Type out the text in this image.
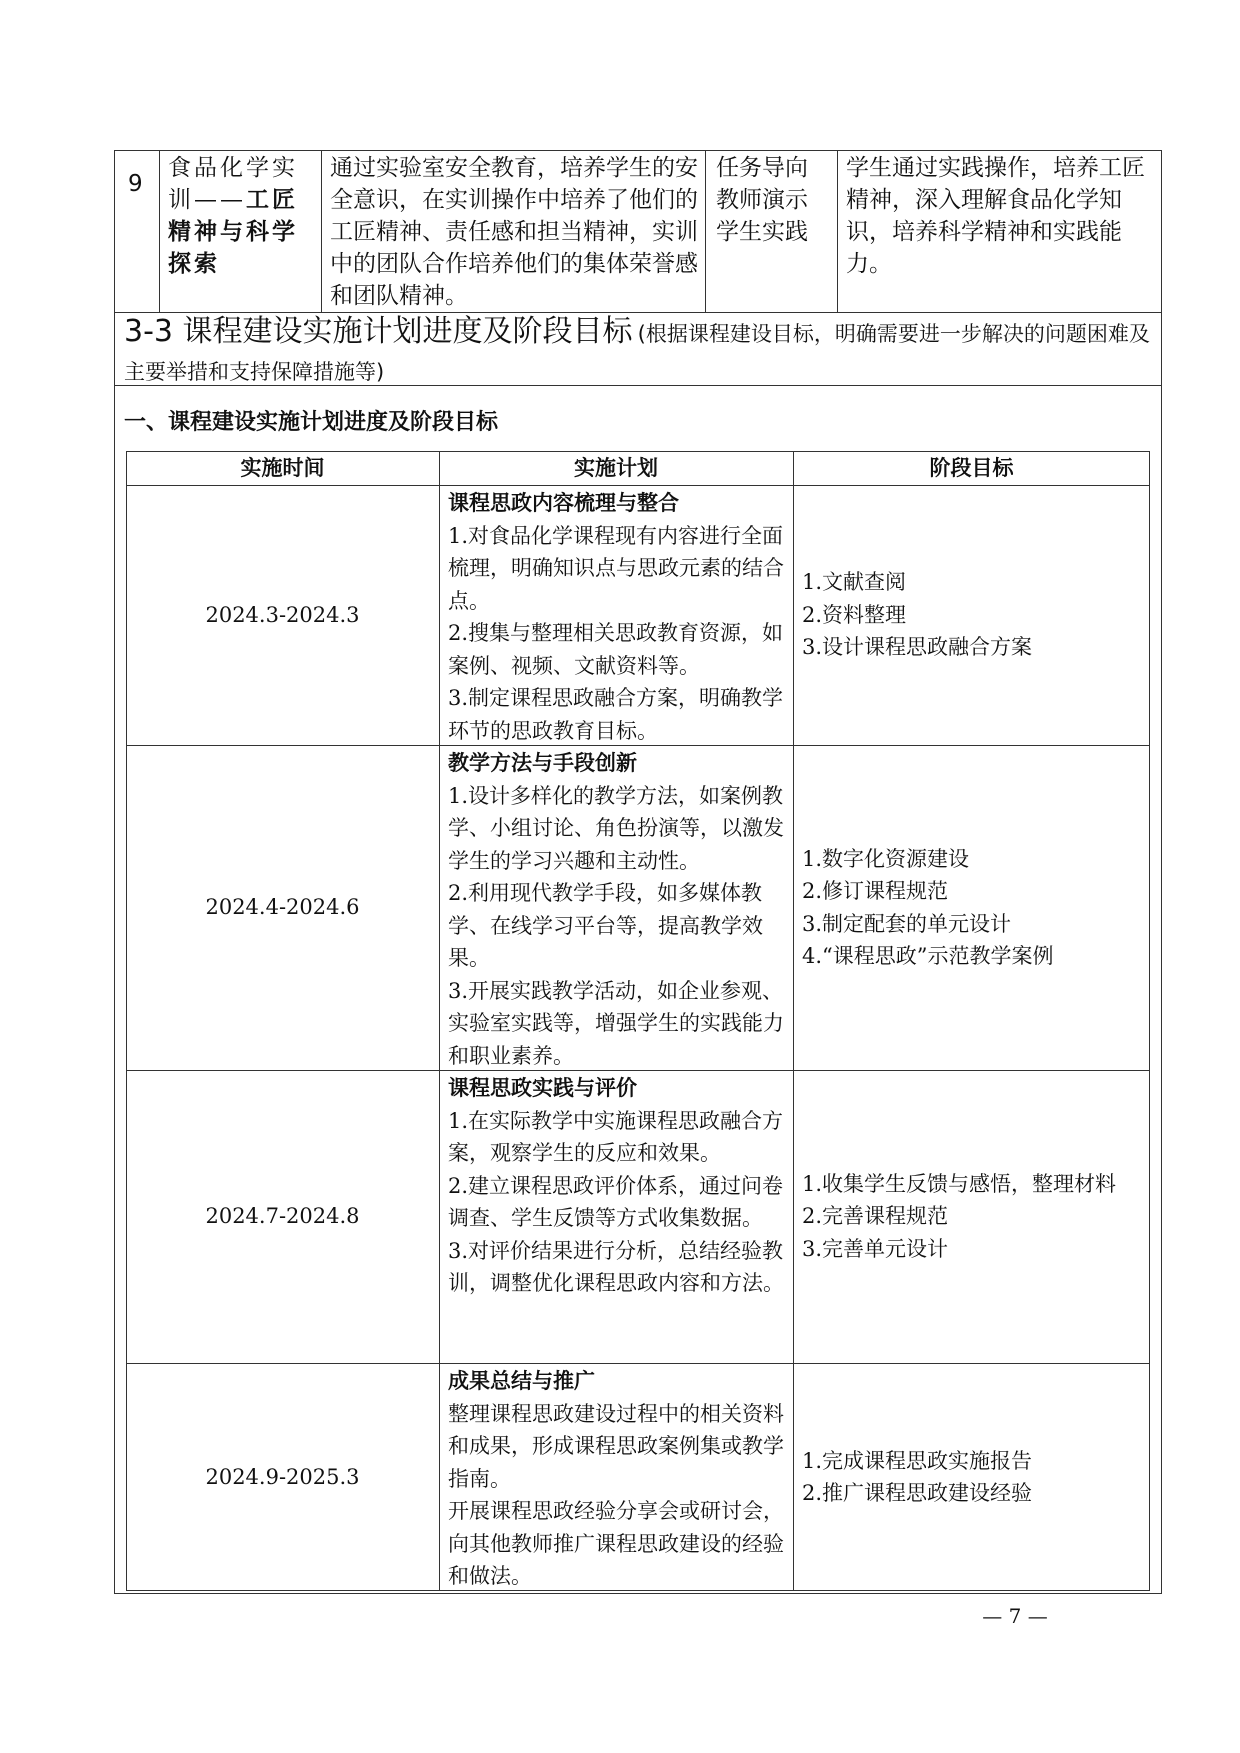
9
食品化学实训——工匠精神与科学探索
通过实验室安全教育，培养学生的安全意识，在实训操作中培养了他们的工匠精神、责任感和担当精神，实训中的团队合作培养他们的集体荣誉感和团队精神。
任务导向
教师演示
学生实践
学生通过实践操作，培养工匠精神，深入理解食品化学知识，培养科学精神和实践能力。
3-3 课程建设实施计划进度及阶段目标 (根据课程建设目标，明确需要进一步解决的问题困难及主要举措和支持保障措施等)
一、课程建设实施计划进度及阶段目标
实施时间	实施计划	阶段目标
2024.3-2024.3
课程思政内容梳理与整合
1.对食品化学课程现有内容进行全面梳理，明确知识点与思政元素的结合点。
2.搜集与整理相关思政教育资源，如案例、视频、文献资料等。
3.制定课程思政融合方案，明确教学环节的思政教育目标。
1.文献查阅
2.资料整理
3.设计课程思政融合方案
2024.4-2024.6
教学方法与手段创新
1.设计多样化的教学方法，如案例教学、小组讨论、角色扮演等，以激发学生的学习兴趣和主动性。
2.利用现代教学手段，如多媒体教学、在线学习平台等，提高教学效果。
3.开展实践教学活动，如企业参观、实验室实践等，增强学生的实践能力和职业素养。
1.数字化资源建设
2.修订课程规范
3.制定配套的单元设计
4.“课程思政”示范教学案例
2024.7-2024.8
课程思政实践与评价
1.在实际教学中实施课程思政融合方案，观察学生的反应和效果。
2.建立课程思政评价体系，通过问卷调查、学生反馈等方式收集数据。
3.对评价结果进行分析，总结经验教训，调整优化课程思政内容和方法。
1.收集学生反馈与感悟，整理材料
2.完善课程规范
3.完善单元设计
2024.9-2025.3
成果总结与推广
整理课程思政建设过程中的相关资料和成果，形成课程思政案例集或教学指南。
开展课程思政经验分享会或研讨会，向其他教师推广课程思政建设的经验和做法。
1.完成课程思政实施报告
2.推广课程思政建设经验
— 7 —
